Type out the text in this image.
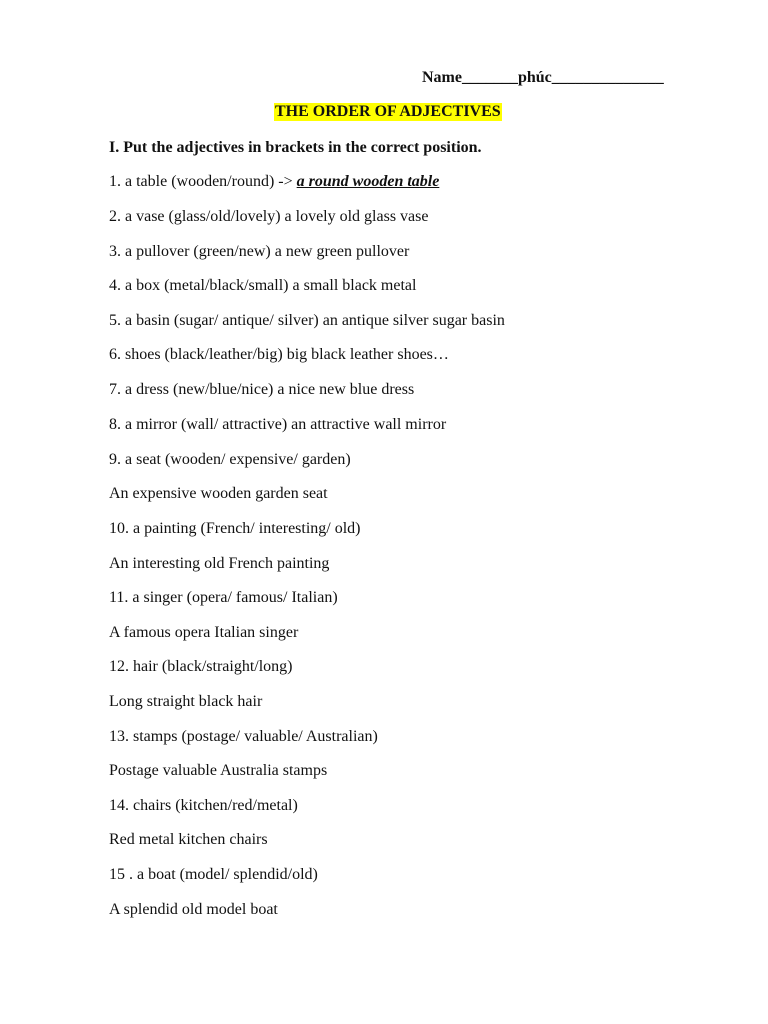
Name_______phúc______________
THE ORDER OF ADJECTIVES
I. Put the adjectives in brackets in the correct position.
1. a table (wooden/round) -> a round wooden table
2. a vase (glass/old/lovely) a lovely old glass vase
3. a pullover (green/new) a new green pullover
4. a box (metal/black/small) a small black metal
5. a basin (sugar/ antique/ silver) an antique silver sugar basin
6. shoes (black/leather/big) big black leather shoes…
7. a dress (new/blue/nice) a nice new blue dress
8. a mirror (wall/ attractive) an attractive wall mirror
9. a seat (wooden/ expensive/ garden)
An expensive wooden garden seat
10. a painting (French/ interesting/ old)
An interesting old French painting
11. a singer (opera/ famous/ Italian)
A famous opera Italian singer
12. hair (black/straight/long)
Long straight black hair
13. stamps (postage/ valuable/ Australian)
Postage valuable Australia stamps
14. chairs (kitchen/red/metal)
Red metal kitchen chairs
15 . a boat (model/ splendid/old)
A splendid old model boat
